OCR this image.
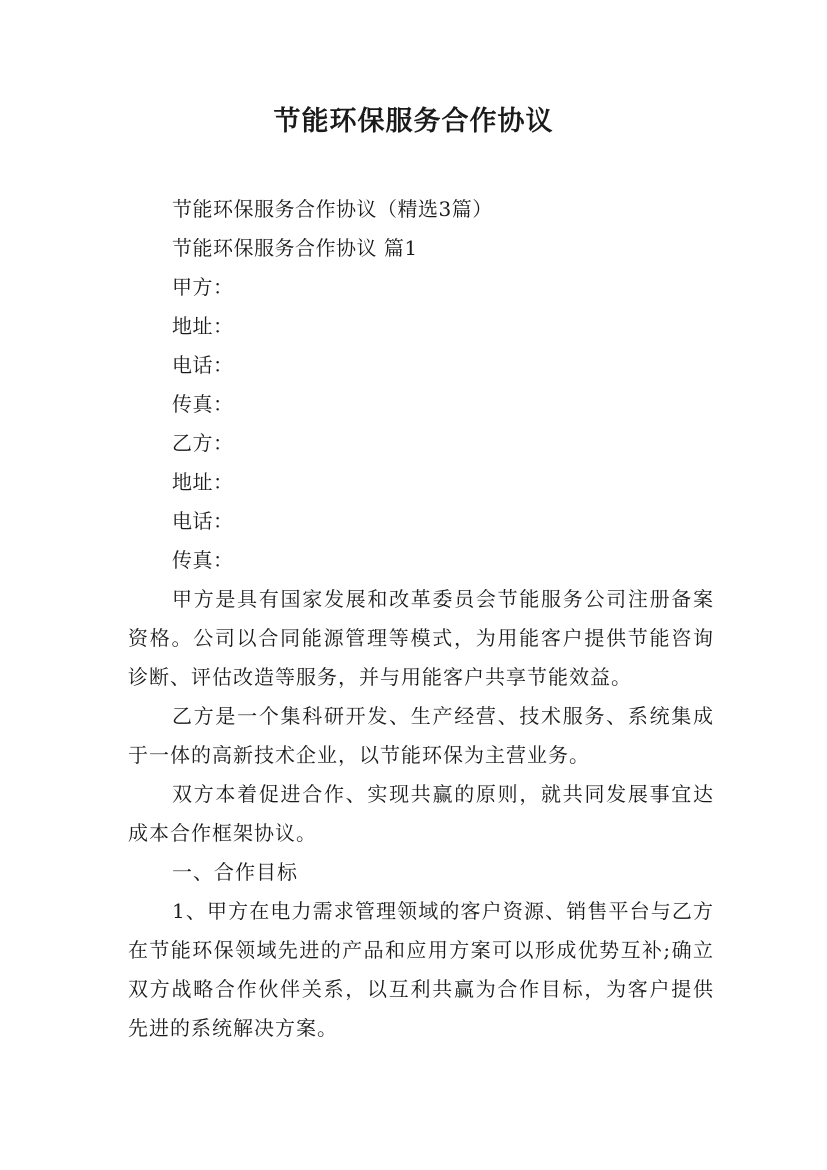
节能环保服务合作协议

节能环保服务合作协议（精选3篇）

节能环保服务合作协议 篇1

甲方：

地址：

电话：

传真：

乙方：

地址：

电话：

传真：

甲方是具有国家发展和改革委员会节能服务公司注册备案资格。公司以合同能源管理等模式，为用能客户提供节能咨询诊断、评估改造等服务，并与用能客户共享节能效益。

乙方是一个集科研开发、生产经营、技术服务、系统集成于一体的高新技术企业，以节能环保为主营业务。

双方本着促进合作、实现共赢的原则，就共同发展事宜达成本合作框架协议。

一、合作目标

1、甲方在电力需求管理领域的客户资源、销售平台与乙方在节能环保领域先进的产品和应用方案可以形成优势互补;确立双方战略合作伙伴关系，以互利共赢为合作目标，为客户提供先进的系统解决方案。
